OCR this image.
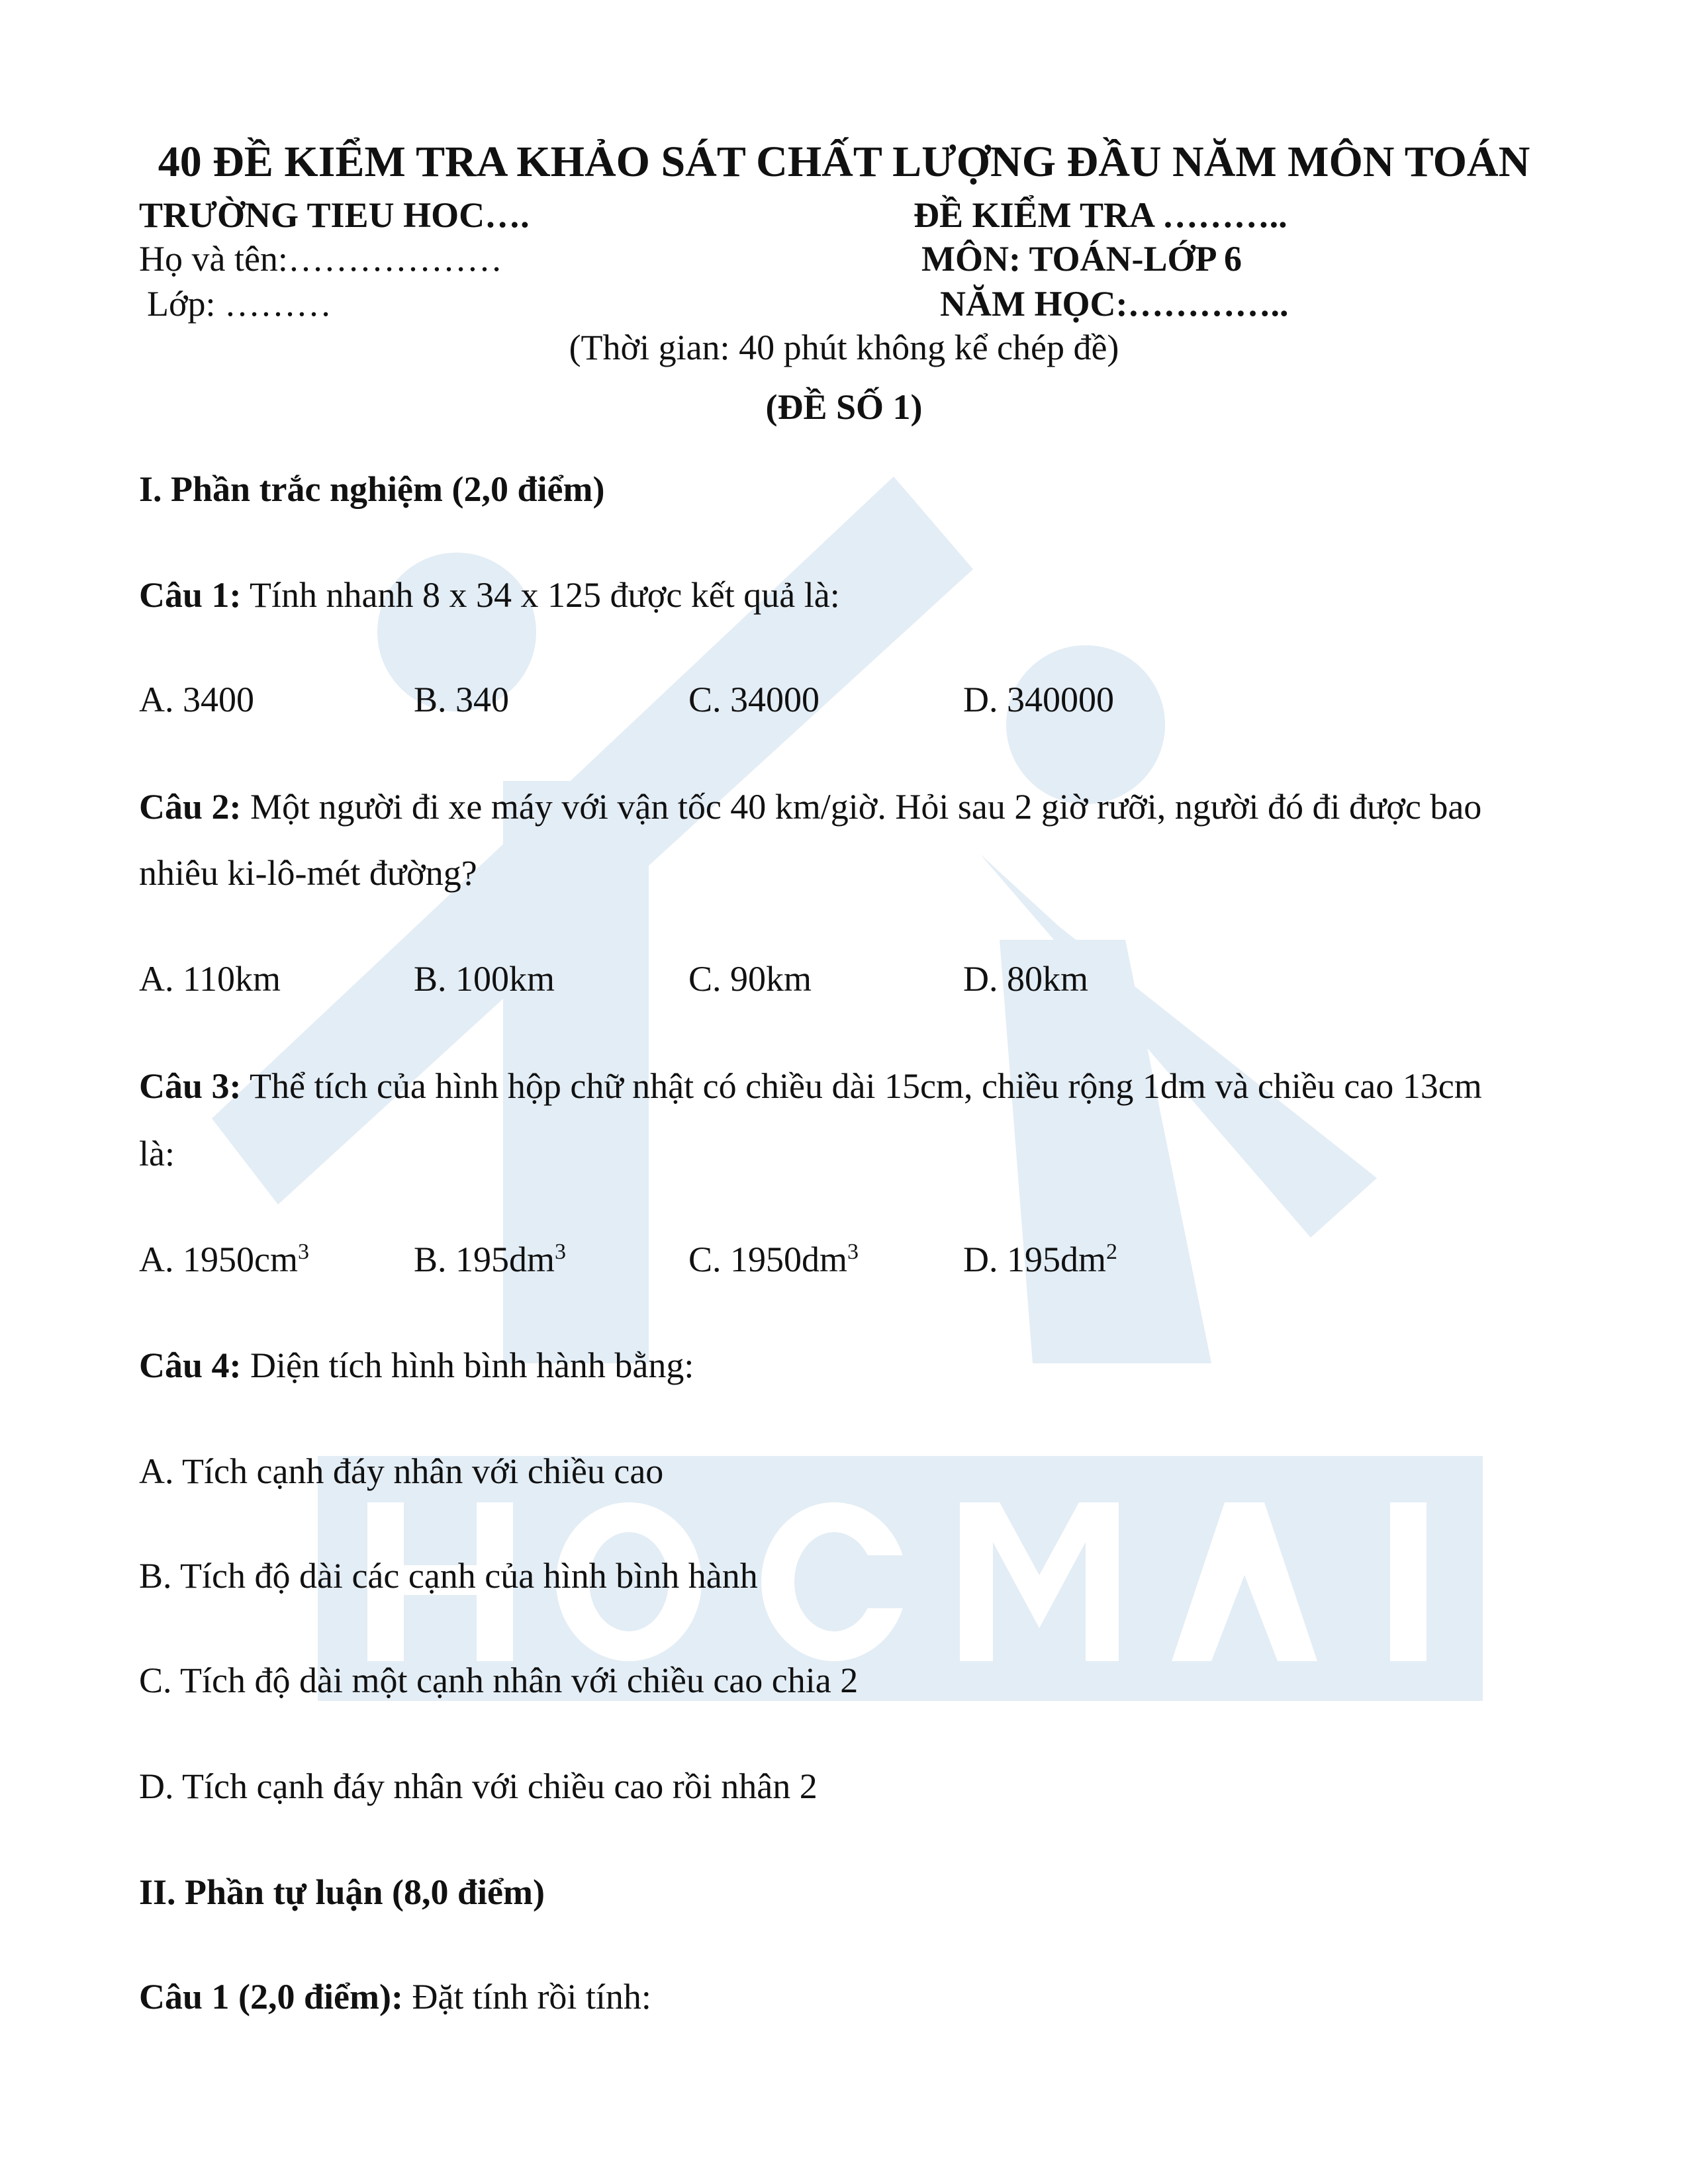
40 ĐỀ KIỂM TRA KHẢO SÁT CHẤT LƯỢNG ĐẦU NĂM MÔN TOÁN
TRƯỜNG TIEU HOC….	ĐỀ KIỂM TRA ………..
Họ và tên:………………	MÔN: TOÁN-LỚP 6
Lớp: ………	NĂM HỌC:…………..
(Thời gian: 40 phút không kể chép đề)
(ĐỀ SỐ 1)
I. Phần trắc nghiệm (2,0 điểm)
Câu 1: Tính nhanh 8 x 34 x 125 được kết quả là:
A. 3400	B. 340	C. 34000	D. 340000
Câu 2: Một người đi xe máy với vận tốc 40 km/giờ. Hỏi sau 2 giờ rưỡi, người đó đi được bao
nhiêu ki-lô-mét đường?
A. 110km	B. 100km	C. 90km	D. 80km
Câu 3: Thể tích của hình hộp chữ nhật có chiều dài 15cm, chiều rộng 1dm và chiều cao 13cm
là:
A. $1950cm^3$	B. $195dm^3$	C. $1950dm^3$	D. $195dm^2$
Câu 4: Diện tích hình bình hành bằng:
A. Tích cạnh đáy nhân với chiều cao
B. Tích độ dài các cạnh của hình bình hành
C. Tích độ dài một cạnh nhân với chiều cao chia 2
D. Tích cạnh đáy nhân với chiều cao rồi nhân 2
II. Phần tự luận (8,0 điểm)
Câu 1 (2,0 điểm): Đặt tính rồi tính:
